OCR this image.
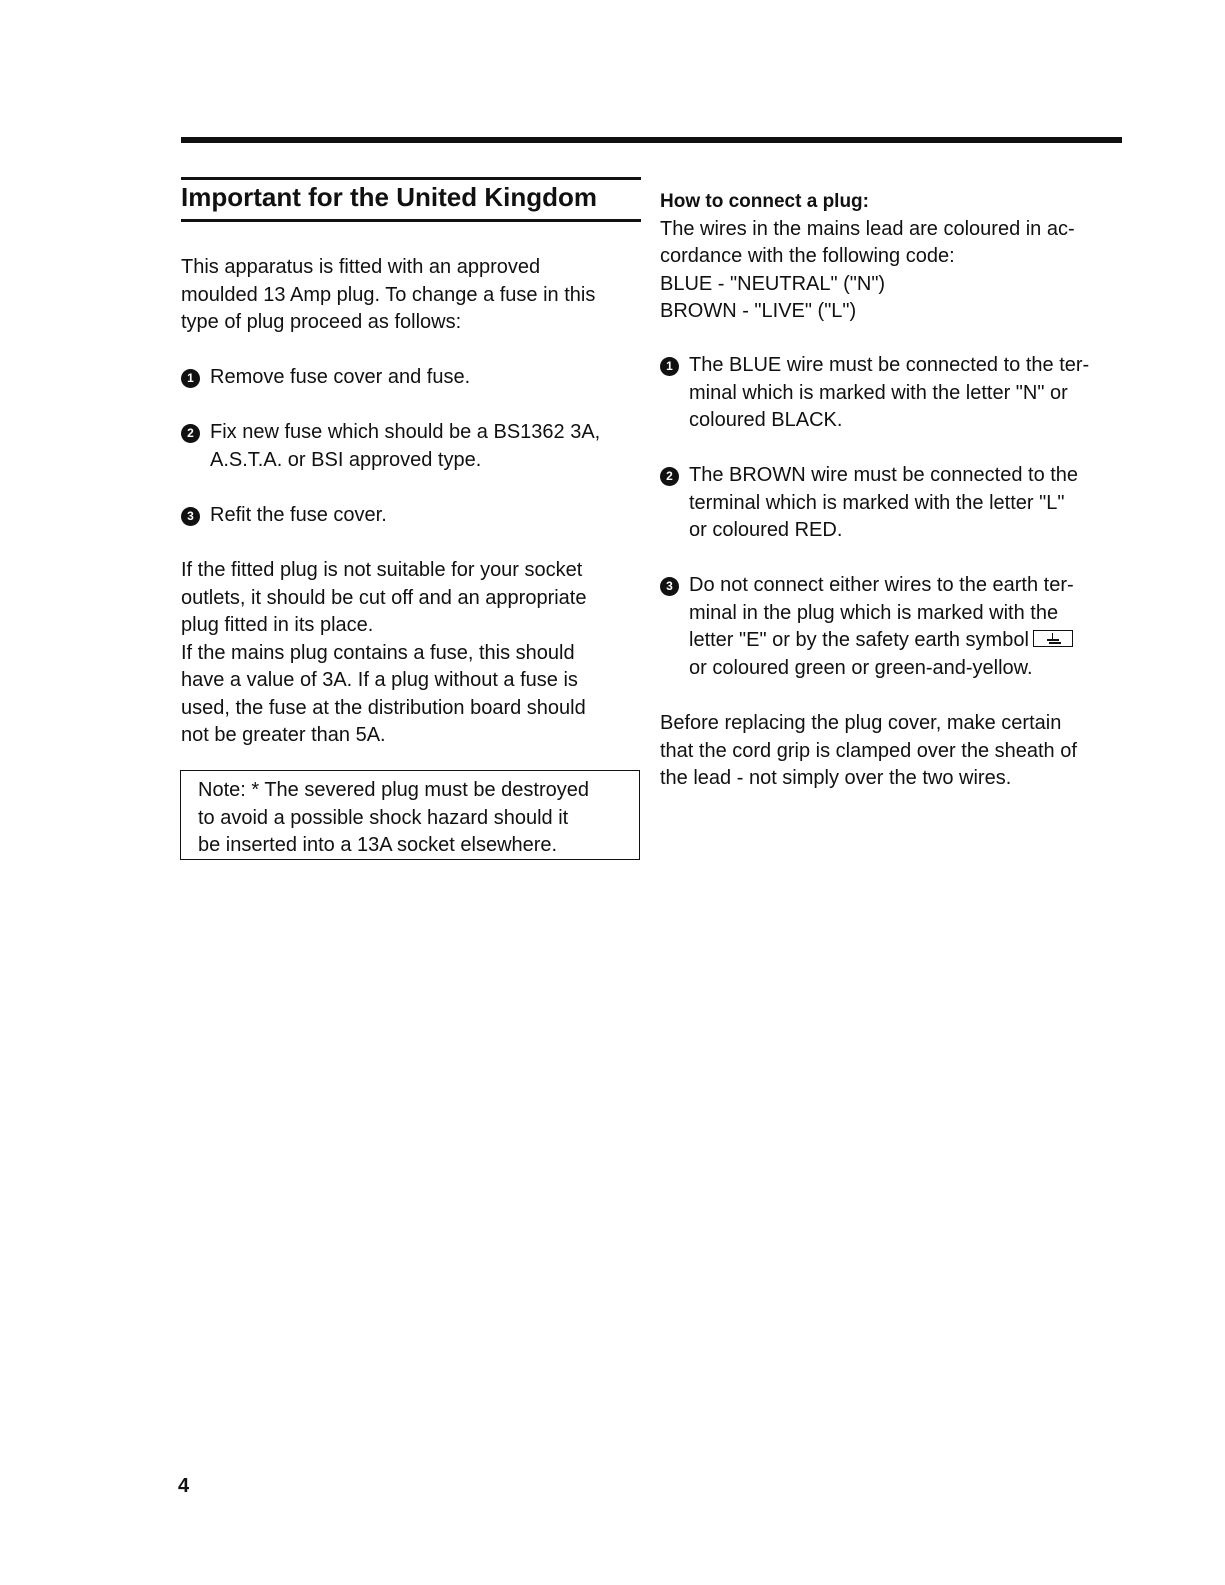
Important for the United Kingdom
This apparatus is fitted with an approved
moulded 13 Amp plug. To change a fuse in this
type of plug proceed as follows:
1 Remove fuse cover and fuse.
2 Fix new fuse which should be a BS1362 3A,
A.S.T.A. or BSI approved type.
3 Refit the fuse cover.
If the fitted plug is not suitable for your socket
outlets, it should be cut off and an appropriate
plug fitted in its place.
If the mains plug contains a fuse, this should
have a value of 3A. If a plug without a fuse is
used, the fuse at the distribution board should
not be greater than 5A.
Note: * The severed plug must be destroyed
to avoid a possible shock hazard should it
be inserted into a 13A socket elsewhere.
How to connect a plug:
The wires in the mains lead are coloured in ac-
cordance with the following code:
BLUE - "NEUTRAL" ("N")
BROWN - "LIVE" ("L")
1 The BLUE wire must be connected to the ter-
minal which is marked with the letter "N" or
coloured BLACK.
2 The BROWN wire must be connected to the
terminal which is marked with the letter "L"
or coloured RED.
3 Do not connect either wires to the earth ter-
minal in the plug which is marked with the
letter "E" or by the safety earth symbol
or coloured green or green-and-yellow.
Before replacing the plug cover, make certain
that the cord grip is clamped over the sheath of
the lead - not simply over the two wires.
4
